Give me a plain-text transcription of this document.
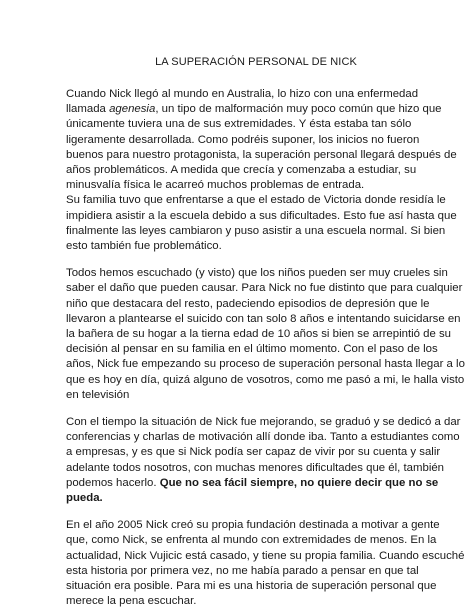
LA SUPERACIÓN PERSONAL DE NICK

Cuando Nick llegó al mundo en Australia, lo hizo con una enfermedad
llamada agenesia, un tipo de malformación muy poco común que hizo que
únicamente tuviera una de sus extremidades. Y ésta estaba tan sólo
ligeramente desarrollada. Como podréis suponer, los inicios no fueron
buenos para nuestro protagonista, la superación personal llegará después de
años problemáticos. A medida que crecía y comenzaba a estudiar, su
minusvalía física le acarreó muchos problemas de entrada.
Su familia tuvo que enfrentarse a que el estado de Victoria donde residía le
impidiera asistir a la escuela debido a sus dificultades. Esto fue así hasta que
finalmente las leyes cambiaron y puso asistir a una escuela normal. Si bien
esto también fue problemático.

Todos hemos escuchado (y visto) que los niños pueden ser muy crueles sin
saber el daño que pueden causar. Para Nick no fue distinto que para cualquier
niño que destacara del resto, padeciendo episodios de depresión que le
llevaron a plantearse el suicido con tan solo 8 años e intentando suicidarse en
la bañera de su hogar a la tierna edad de 10 años si bien se arrepintió de su
decisión al pensar en su familia en el último momento. Con el paso de los
años, Nick fue empezando su proceso de superación personal hasta llegar a lo
que es hoy en día, quizá alguno de vosotros, como me pasó a mi, le halla visto
en televisión

Con el tiempo la situación de Nick fue mejorando, se graduó y se dedicó a dar
conferencias y charlas de motivación allí donde iba. Tanto a estudiantes como
a empresas, y es que si Nick podía ser capaz de vivir por su cuenta y salir
adelante todos nosotros, con muchas menores dificultades que él, también
podemos hacerlo. Que no sea fácil siempre, no quiere decir que no se
pueda.

En el año 2005 Nick creó su propia fundación destinada a motivar a gente
que, como Nick, se enfrenta al mundo con extremidades de menos. En la
actualidad, Nick Vujicic está casado, y tiene su propia familia. Cuando escuché
esta historia por primera vez, no me había parado a pensar en que tal
situación era posible. Para mi es una historia de superación personal que
merece la pena escuchar.
